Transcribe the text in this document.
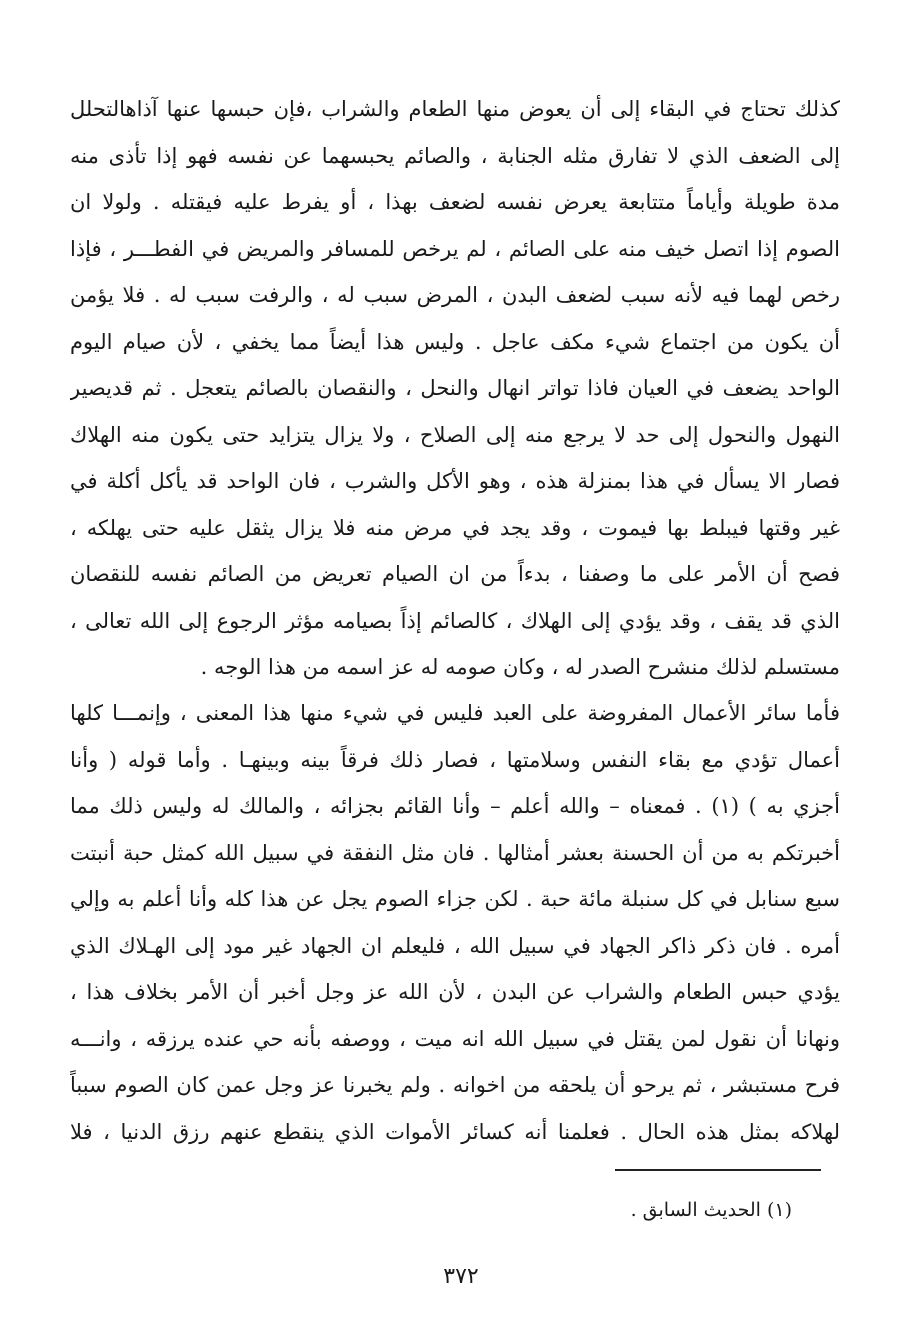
كذلك تحتاج في البقاء إلى أن يعوض منها الطعام والشراب ،فإن حبسها عنها آذاهالتحلل
إلى الضعف الذي لا تفارق مثله الجنابة ، والصائم يحبسهما عن نفسه فهو إذا تأذى منه
مدة طويلة وأياماً متتابعة يعرض نفسه لضعف بهذا ، أو يفرط عليه فيقتله . ولولا ان
الصوم إذا اتصل خيف منه على الصائم ، لم يرخص للمسافر والمريض في الفطـــر ، فإذا
رخص لهما فيه لأنه سبب لضعف البدن ، المرض سبب له ، والرفت سبب له . فلا يؤمن
أن يكون من اجتماع شيء مكف عاجل . وليس هذا أيضاً مما يخفي ، لأن صيام اليوم
الواحد يضعف في العيان فاذا تواتر انهال والنحل ، والنقصان بالصائم يتعجل . ثم قديصير
النهول والنحول إلى حد لا يرجع منه إلى الصلاح ، ولا يزال يتزايد حتى يكون منه الهلاك
فصار الا يسأل في هذا بمنزلة هذه ، وهو الأكل والشرب ، فان الواحد قد يأكل أكلة في
غير وقتها فيبلط بها فيموت ، وقد يجد في مرض منه فلا يزال يثقل عليه حتى يهلكه ،
فصح أن الأمر على ما وصفنا ، بدءاً من ان الصيام تعريض من الصائم نفسه للنقصان
الذي قد يقف ، وقد يؤدي إلى الهلاك ، كالصائم إذاً بصيامه مؤثر الرجوع إلى الله تعالى ،
مستسلم لذلك منشرح الصدر له ، وكان صومه له عز اسمه من هذا الوجه .
فأما سائر الأعمال المفروضة على العبد فليس في شيء منها هذا المعنى ، وإنمـــا كلها
أعمال تؤدي مع بقاء النفس وسلامتها ، فصار ذلك فرقاً بينه وبينهـا . وأما قوله ( وأنا
أجزي به ) (١) . فمعناه – والله أعلم – وأنا القائم بجزائه ، والمالك له وليس ذلك مما
أخبرتكم به من أن الحسنة بعشر أمثالها . فان مثل النفقة في سبيل الله كمثل حبة أنبتت
سبع سنابل في كل سنبلة مائة حبة . لكن جزاء الصوم يجل عن هذا كله وأنا أعلم به وإلي
أمره . فان ذكر ذاكر الجهاد في سبيل الله ، فليعلم ان الجهاد غير مود إلى الهـلاك الذي
يؤدي حبس الطعام والشراب عن البدن ، لأن الله عز وجل أخبر أن الأمر بخلاف هذا ،
ونهانا أن نقول لمن يقتل في سبيل الله انه ميت ، ووصفه بأنه حي عنده يرزقه ، وانـــه
فرح مستبشر ، ثم يرحو أن يلحقه من اخوانه . ولم يخبرنا عز وجل عمن كان الصوم سبباً
لهلاكه بمثل هذه الحال . فعلمنا أنه كسائر الأموات الذي ينقطع عنهم رزق الدنيا ، فلا
(١) الحديث السابق .
٣٧٢
